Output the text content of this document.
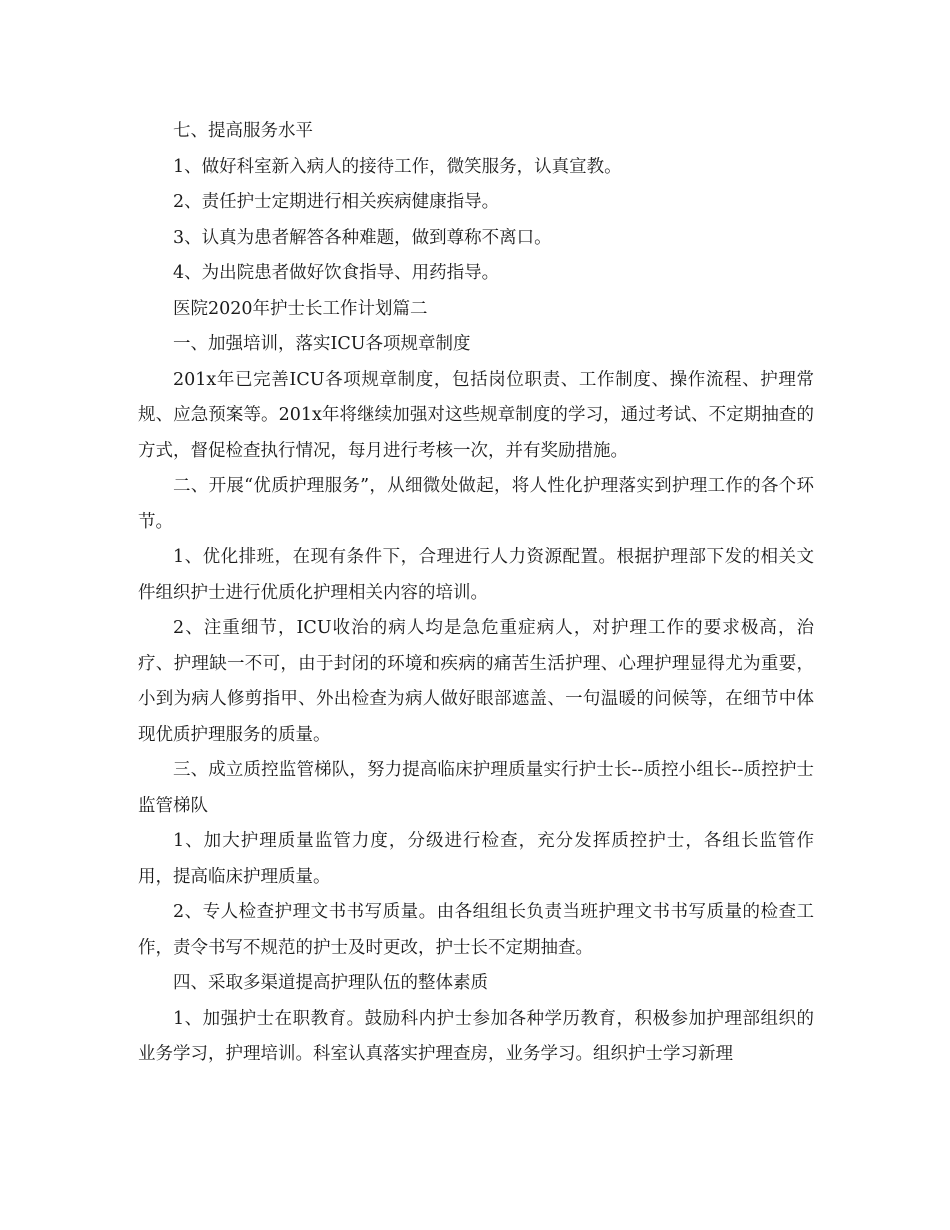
七、提高服务水平

1、做好科室新入病人的接待工作，微笑服务，认真宣教。

2、责任护士定期进行相关疾病健康指导。

3、认真为患者解答各种难题，做到尊称不离口。

4、为出院患者做好饮食指导、用药指导。

医院2020年护士长工作计划篇二

一、加强培训，落实ICU各项规章制度

201x年已完善ICU各项规章制度，包括岗位职责、工作制度、操作流程、护理常规、应急预案等。201x年将继续加强对这些规章制度的学习，通过考试、不定期抽查的方式，督促检查执行情况，每月进行考核一次，并有奖励措施。

二、开展“优质护理服务”，从细微处做起，将人性化护理落实到护理工作的各个环节。

1、优化排班，在现有条件下，合理进行人力资源配置。根据护理部下发的相关文件组织护士进行优质化护理相关内容的培训。

2、注重细节，ICU收治的病人均是急危重症病人，对护理工作的要求极高，治疗、护理缺一不可，由于封闭的环境和疾病的痛苦生活护理、心理护理显得尤为重要，小到为病人修剪指甲、外出检查为病人做好眼部遮盖、一句温暖的问候等，在细节中体现优质护理服务的质量。

三、成立质控监管梯队，努力提高临床护理质量实行护士长--质控小组长--质控护士监管梯队

1、加大护理质量监管力度，分级进行检查，充分发挥质控护士，各组长监管作用，提高临床护理质量。

2、专人检查护理文书书写质量。由各组组长负责当班护理文书书写质量的检查工作，责令书写不规范的护士及时更改，护士长不定期抽查。

四、采取多渠道提高护理队伍的整体素质

1、加强护士在职教育。鼓励科内护士参加各种学历教育，积极参加护理部组织的业务学习，护理培训。科室认真落实护理查房，业务学习。组织护士学习新理
